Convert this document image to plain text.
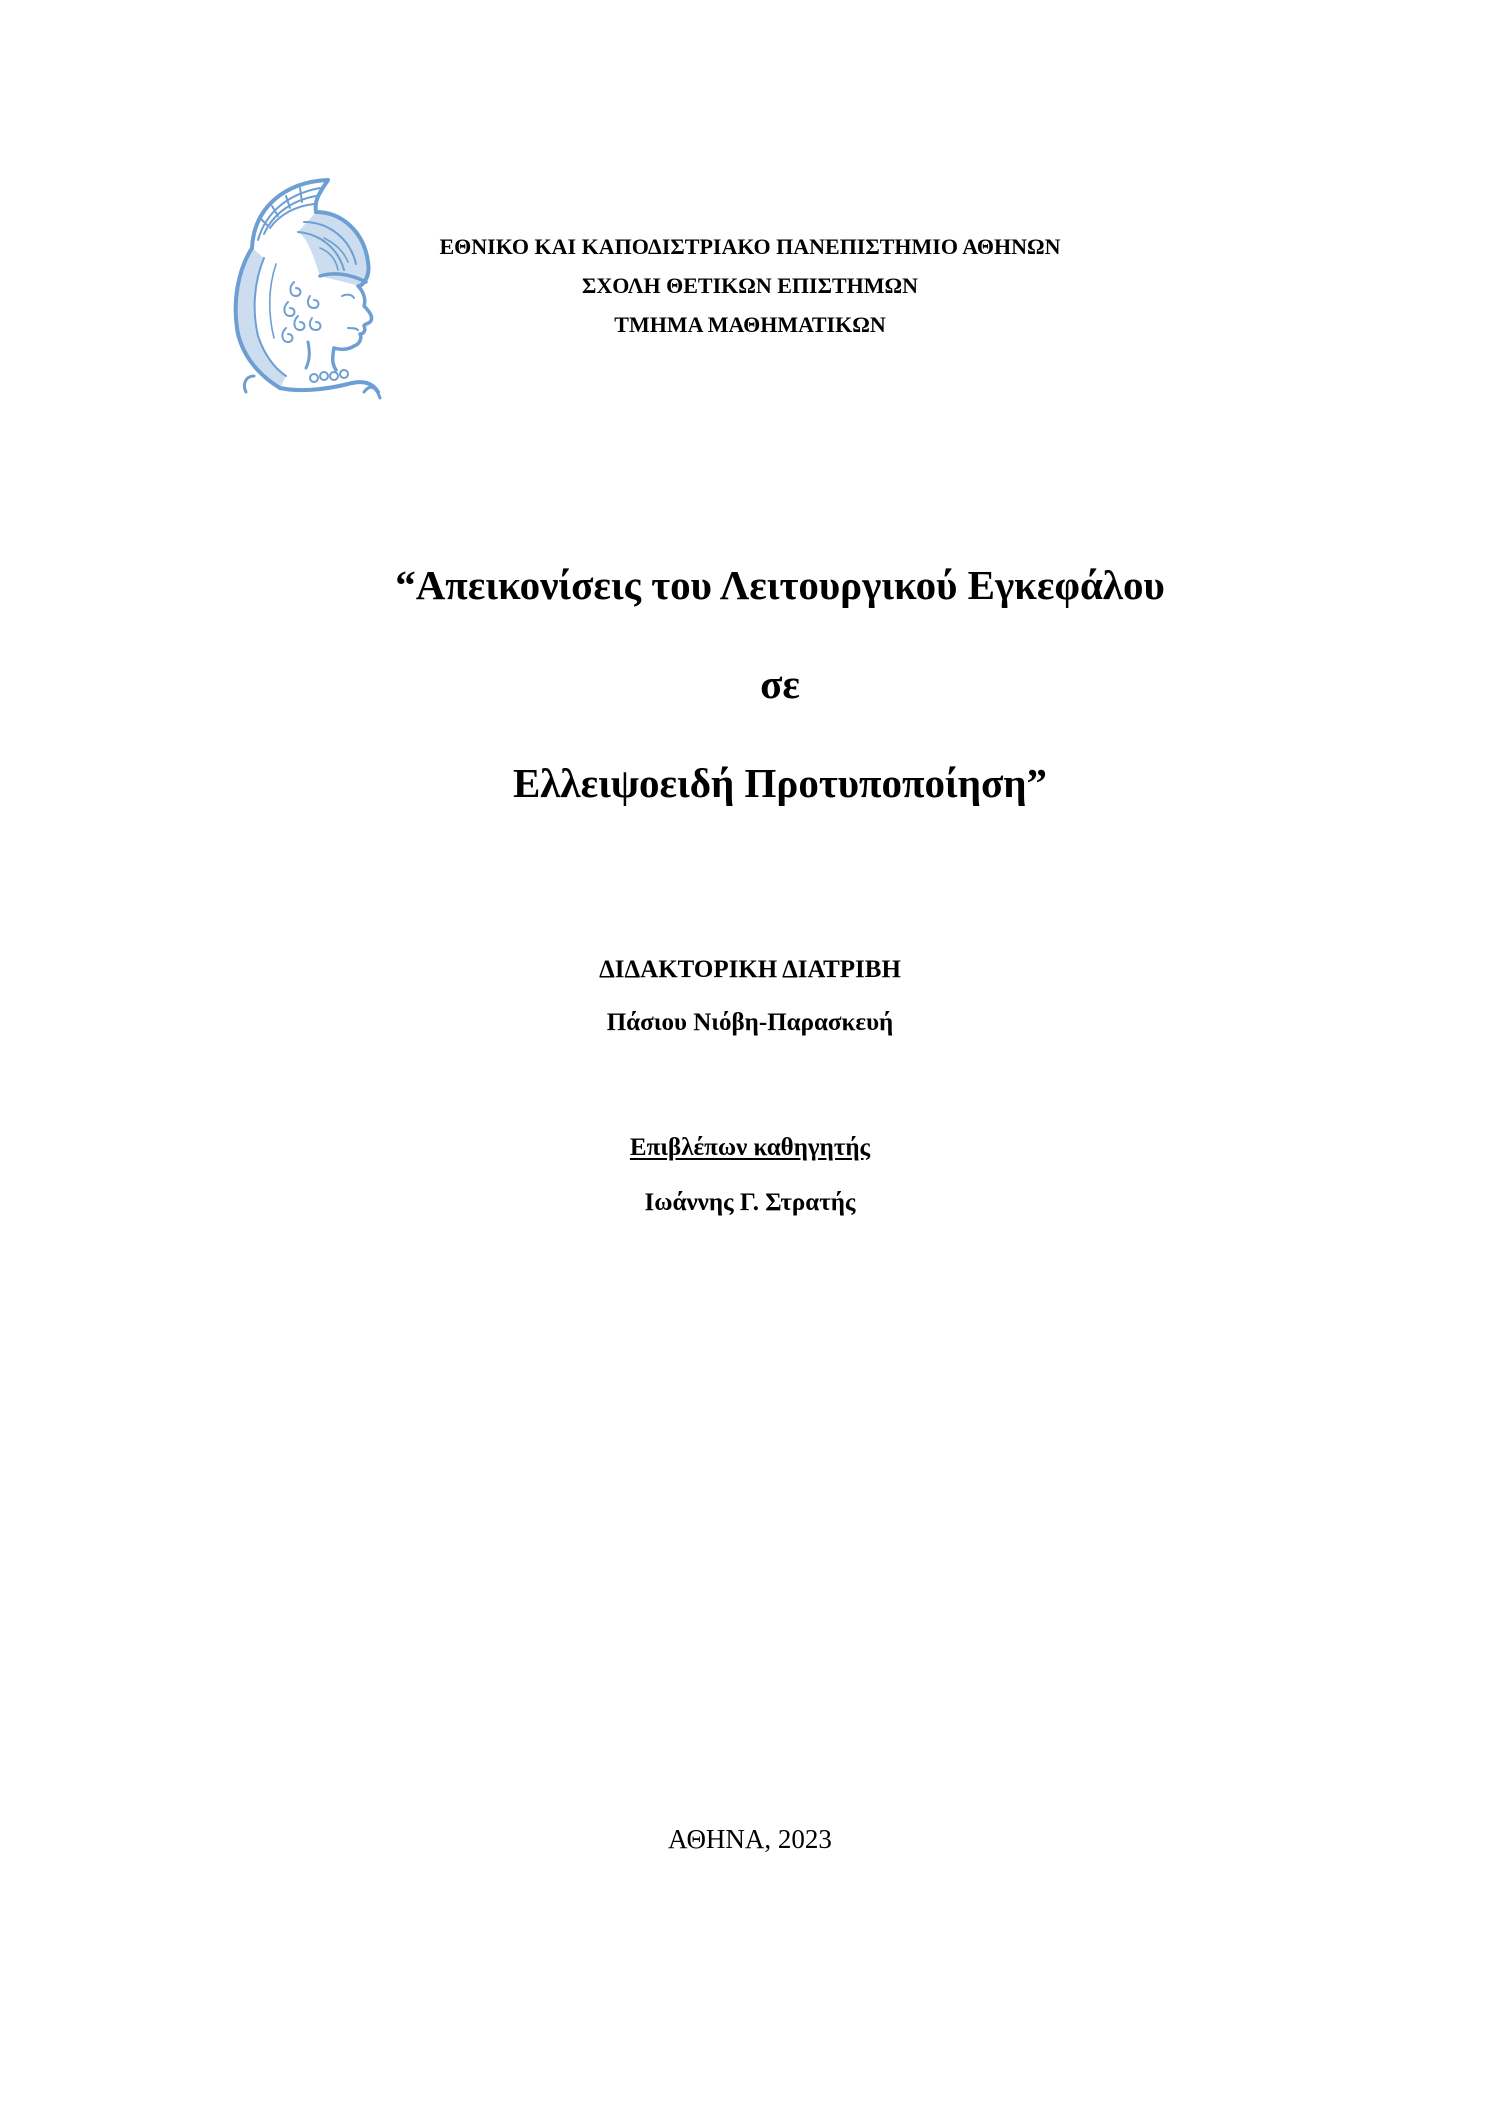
ΕΘΝΙΚΟ ΚΑΙ ΚΑΠΟΔΙΣΤΡΙΑΚΟ ΠΑΝΕΠΙΣΤΗΜΙΟ ΑΘΗΝΩΝ
ΣΧΟΛΗ ΘΕΤΙΚΩΝ ΕΠΙΣΤΗΜΩΝ
ΤΜΗΜΑ ΜΑΘΗΜΑΤΙΚΩΝ
“Απεικονίσεις του Λειτουργικού Εγκεφάλου
σε
Ελλειψοειδή Προτυποποίηση”
ΔΙΔΑΚΤΟΡΙΚΗ ΔΙΑΤΡΙΒΗ
Πάσιου Νιόβη-Παρασκευή
Επιβλέπων καθηγητής
Ιωάννης Γ. Στρατής
ΑΘΗΝΑ, 2023
